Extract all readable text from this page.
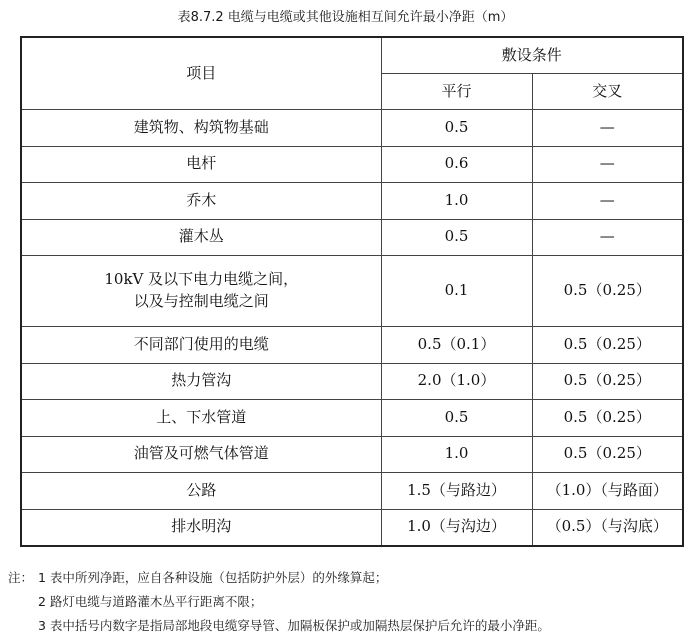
表8.7.2 电缆与电缆或其他设施相互间允许最小净距（m）
项目	敷设条件	
	平行	交叉
建筑物、构筑物基础	0.5	—
电杆	0.6	—
乔木	1.0	—
灌木丛	0.5	—

10kV 及以下电力电缆之间，
以及与控制电缆之间	0.1	0.5（0.25）
不同部门使用的电缆	0.5（0.1）	0.5（0.25）
热力管沟	2.0（1.0）	0.5（0.25）
上、下水管道	0.5	0.5（0.25）
油管及可燃气体管道	1.0	0.5（0.25）
公路	1.5（与路边）	（1.0）（与路面）
排水明沟	1.0（与沟边）	（0.5）（与沟底）
注： 1 表中所列净距，应自各种设施（包括防护外层）的外缘算起；
2 路灯电缆与道路灌木丛平行距离不限；
3 表中括号内数字是指局部地段电缆穿导管、加隔板保护或加隔热层保护后允许的最小净距。
